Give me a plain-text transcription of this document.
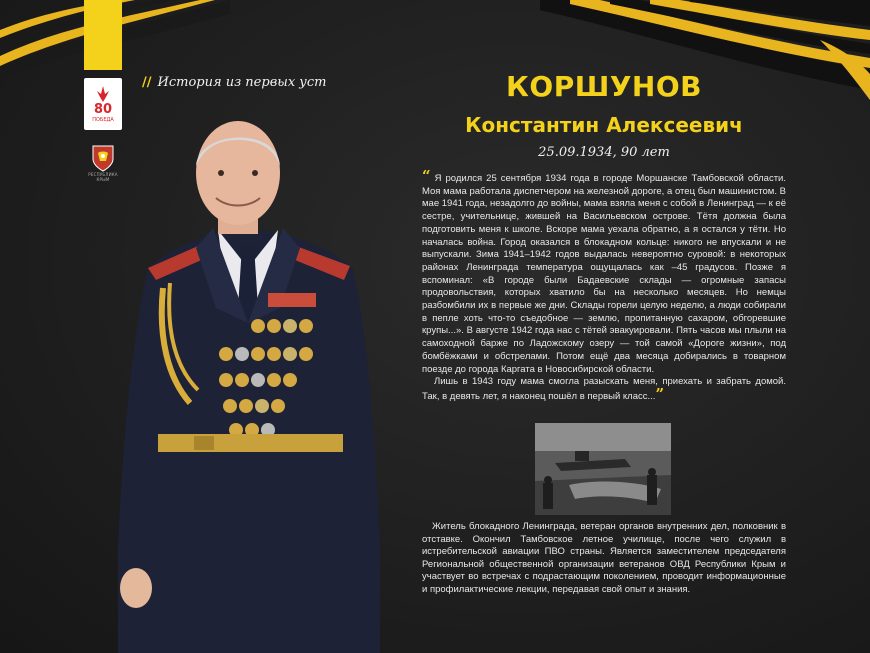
80
ПОБЕДА
РЕСПУБЛИКА КРЫМ
// История из первых уст	КОРШУНОВ
Константин Алексеевич
25.09.1934, 90 лет

“ Я родился 25 сентября 1934 года в городе Моршанске Тамбовской области. Моя мама работала диспетчером на железной дороге, а отец был машинистом. В мае 1941 года, незадолго до войны, мама взяла меня с собой в Ленинград — к её сестре, учительнице, жившей на Васильевском острове. Тётя должна была подготовить меня к школе. Вскоре мама уехала обратно, а я остался у тёти. Но началась война. Город оказался в блокадном кольце: никого не впускали и не выпускали. Зима 1941–1942 годов выдалась невероятно суровой: в некоторых районах Ленинграда температура ощущалась как –45 градусов. Позже я вспоминал: «В городе были Бадаевские склады — огромные запасы продовольствия, которых хватило бы на несколько месяцев. Но немцы разбомбили их в первые же дни. Склады горели целую неделю, а люди собирали в пепле хоть что-то съедобное — землю, пропитанную сахаром, обгоревшие крупы...». В августе 1942 года нас с тётей эвакуировали. Пять часов мы плыли на самоходной барже по Ладожскому озеру — той самой «Дороге жизни», под бомбёжками и обстрелами. Потом ещё два месяца добирались в товарном поезде до города Каргата в Новосибирской области.

Лишь в 1943 году мама смогла разыскать меня, приехать и забрать домой. Так, в девять лет, я наконец пошёл в первый класс...”

Житель блокадного Ленинграда, ветеран органов внутренних дел, полковник в отставке. Окончил Тамбовское летное училище, после чего служил в истребительской авиации ПВО страны. Является заместителем председателя Региональной общественной организации ветеранов ОВД Республики Крым и участвует во встречах с подрастающим поколением, проводит информационные и профилактические лекции, передавая свой опыт и знания.
